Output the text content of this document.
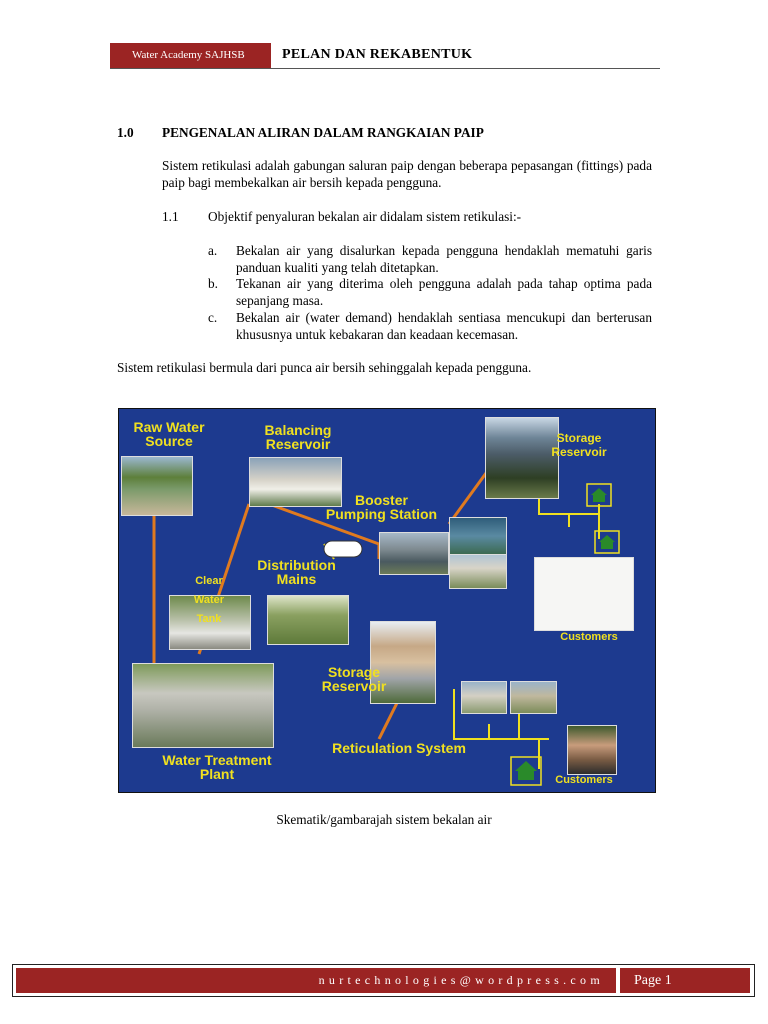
Water Academy SAJHSB	PELAN DAN REKABENTUK
1.0 PENGENALAN ALIRAN DALAM RANGKAIAN PAIP
Sistem retikulasi adalah gabungan saluran paip dengan beberapa pepasangan (fittings) pada paip bagi membekalkan air bersih kepada pengguna.
1.1 Objektif penyaluran bekalan air didalam sistem retikulasi:-
a. Bekalan air yang disalurkan kepada pengguna hendaklah mematuhi garis panduan kualiti yang telah ditetapkan.
b. Tekanan air yang diterima oleh pengguna adalah pada tahap optima pada sepanjang masa.
c. Bekalan air (water demand) hendaklah sentiasa mencukupi dan berterusan khususnya untuk kebakaran dan keadaan kecemasan.
Sistem retikulasi bermula dari punca air bersih sehinggalah kepada pengguna.
Raw Water
Source
Balancing
Reservoir	Storage
Reservoir
Booster
Pumping Station
Distribution
Mains
Clear
Water
Tank
Customers
Storage
Reservoir
Reticulation System
Water Treatment
Plant	Customers
Skematik/gambarajah sistem bekalan air
nurtechnologies@wordpress.com Page 1
